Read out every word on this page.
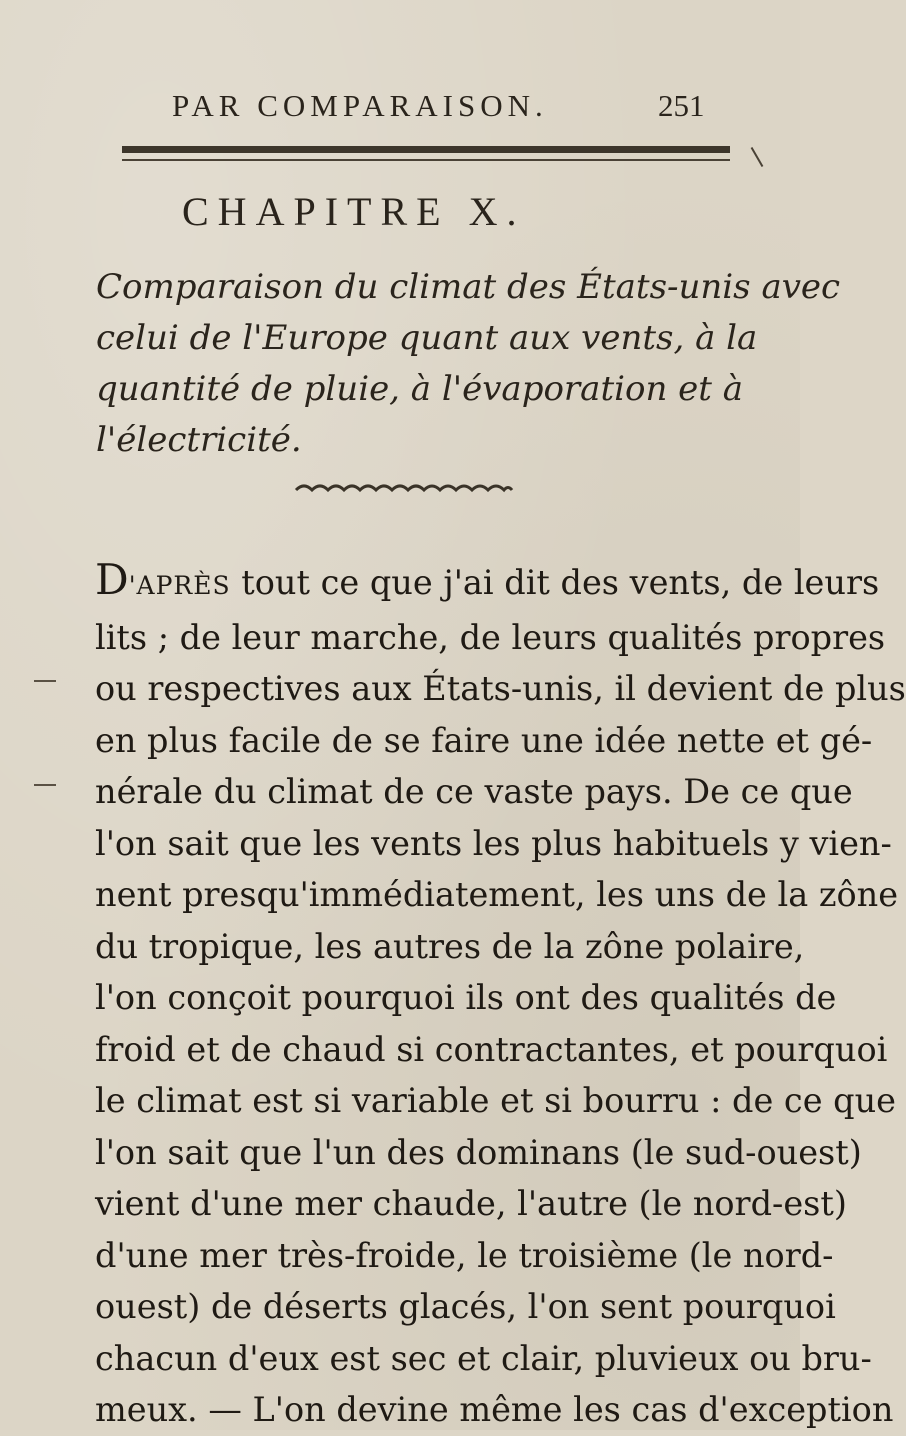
PAR COMPARAISON.	251
CHAPITRE X.
Comparaison du climat des États-unis avec
celui de l'Europe quant aux vents, à la
quantité de pluie, à l'évaporation et à
l'électricité.
D'APRÈS tout ce que j'ai dit des vents, de leurs
lits ; de leur marche, de leurs qualités propres
ou respectives aux États-unis, il devient de plus
en plus facile de se faire une idée nette et gé-
nérale du climat de ce vaste pays. De ce que
l'on sait que les vents les plus habituels y vien-
nent presqu'immédiatement, les uns de la zône
du tropique, les autres de la zône polaire,
l'on conçoit pourquoi ils ont des qualités de
froid et de chaud si contractantes, et pourquoi
le climat est si variable et si bourru : de ce que
l'on sait que l'un des dominans (le sud-ouest)
vient d'une mer chaude, l'autre (le nord-est)
d'une mer très-froide, le troisième (le nord-
ouest) de déserts glacés, l'on sent pourquoi
chacun d'eux est sec et clair, pluvieux ou bru-
meux. — L'on devine même les cas d'exception
